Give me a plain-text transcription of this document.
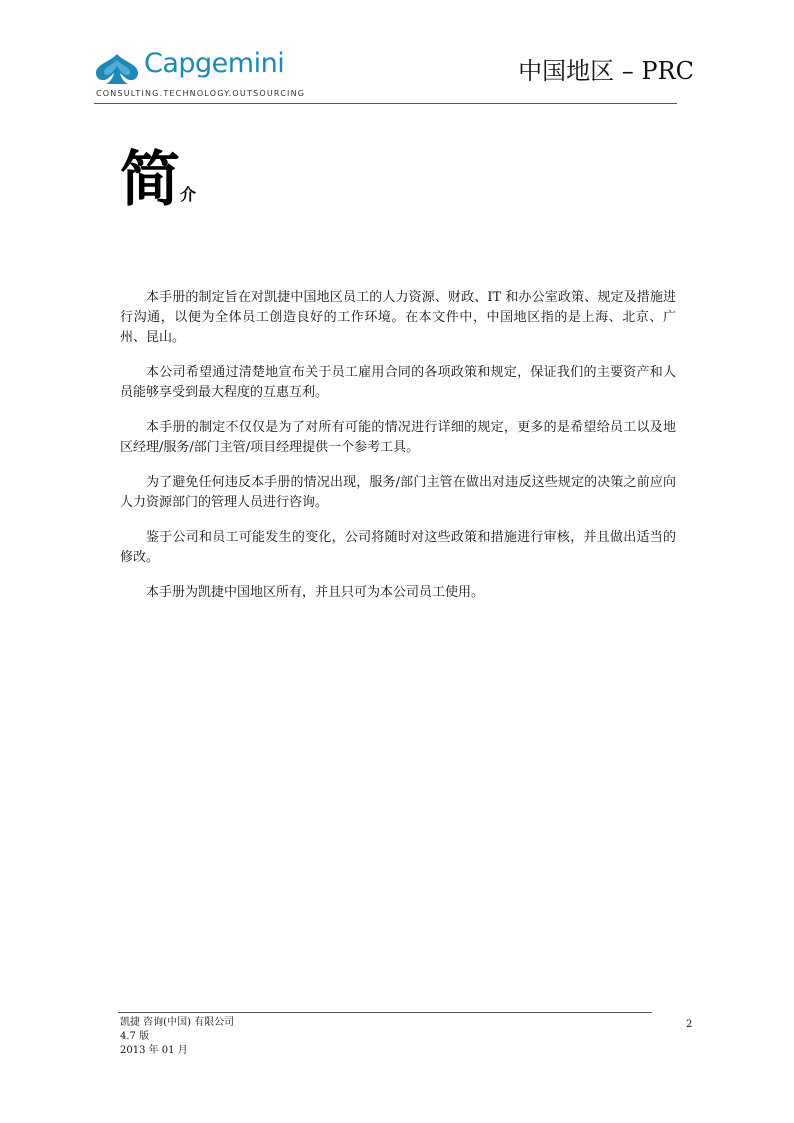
Capgemini
CONSULTING.TECHNOLOGY.OUTSOURCING
中国地区 – PRC
简介

本手册的制定旨在对凯捷中国地区员工的人力资源、财政、IT 和办公室政策、规定及措施进行沟通，以便为全体员工创造良好的工作环境。在本文件中，中国地区指的是上海、北京、广州、昆山。

本公司希望通过清楚地宣布关于员工雇用合同的各项政策和规定，保证我们的主要资产和人员能够享受到最大程度的互惠互利。

本手册的制定不仅仅是为了对所有可能的情况进行详细的规定，更多的是希望给员工以及地区经理/服务/部门主管/项目经理提供一个参考工具。

为了避免任何违反本手册的情况出现，服务/部门主管在做出对违反这些规定的决策之前应向人力资源部门的管理人员进行咨询。

鉴于公司和员工可能发生的变化，公司将随时对这些政策和措施进行审核，并且做出适当的修改。

本手册为凯捷中国地区所有，并且只可为本公司员工使用。

凯捷 咨询(中国) 有限公司
4.7 版
2013 年 01 月
2
